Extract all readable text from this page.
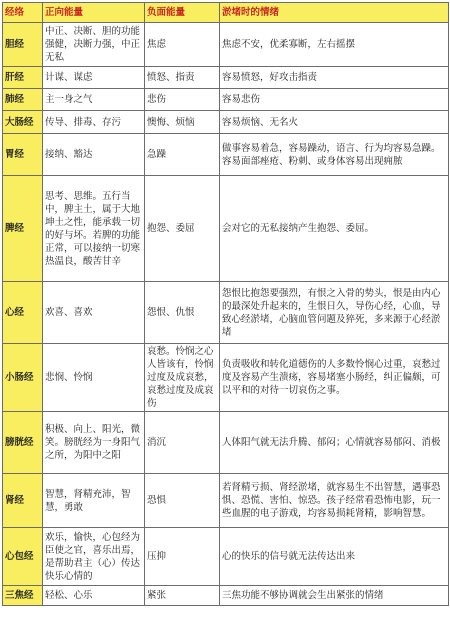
经络	正向能量	负面能量	淤堵时的情绪
胆经	中正、决断、胆的功能强健，决断力强，中正无私	焦虑	焦虑不安，优柔寡断，左右摇摆
肝经	计谋、谋虑	愤怒、指责	容易愤怒，好攻击指责
肺经	主一身之气	悲伤	容易悲伤
大肠经	传导、排毒、存污	懊悔、烦恼	容易烦恼、无名火
胃经	接纳、豁达	急躁	做事容易着急，容易躁动，语言、行为均容易急躁。容易面部痤疮、粉刺、或身体容易出现痈脓
脾经	思考、思维。五行当中，脾主土，属于大地坤土之性，能承载一切的好与坏。若脾的功能正常，可以接纳一切寒热温良，酸苦甘辛	抱怨、委屈	会对它的无私接纳产生抱怨、委屈。
心经	欢喜、喜欢	怨恨、仇恨	怨恨比抱怨要强烈，有恨之入骨的势头，恨是由内心的最深处升起来的，生恨日久，导伤心经，心血，导致心经淤堵，心脑血管问题及猝死，多来源于心经淤堵
小肠经	悲悯、怜悯	哀愁。怜悯之心人皆该有，怜悯过度及成哀愁，哀愁过度及成哀伤	负责吸收和转化道德伤的人多数怜悯心过重，哀愁过度及容易产生溃疡，容易堵塞小肠经，纠正偏颇，可以平和的对待一切哀伤之事。
膀胱经	积极、向上、阳光，微笑。膀胱经为一身阳气之所，为阳中之阳	消沉	人体阳气就无法升腾、郁闷；心情就容易郁闷、消极
肾经	智慧，肾精充沛，智慧，勇敢	恐惧	若肾精亏损、肾经淤堵，就容易生不出智慧，遇事恐惧、恐慌、害怕、惊恐。孩子经常看恐怖电影，玩一些血腥的电子游戏，均容易损耗肾精，影响智慧。
心包经	欢乐，愉快，心包经为臣使之官，喜乐出焉，是帮助君主（心）传达快乐心情的	压抑	心的快乐的信号就无法传达出来
三焦经	轻松、心乐	紧张	三焦功能不够协调就会生出紧张的情绪
